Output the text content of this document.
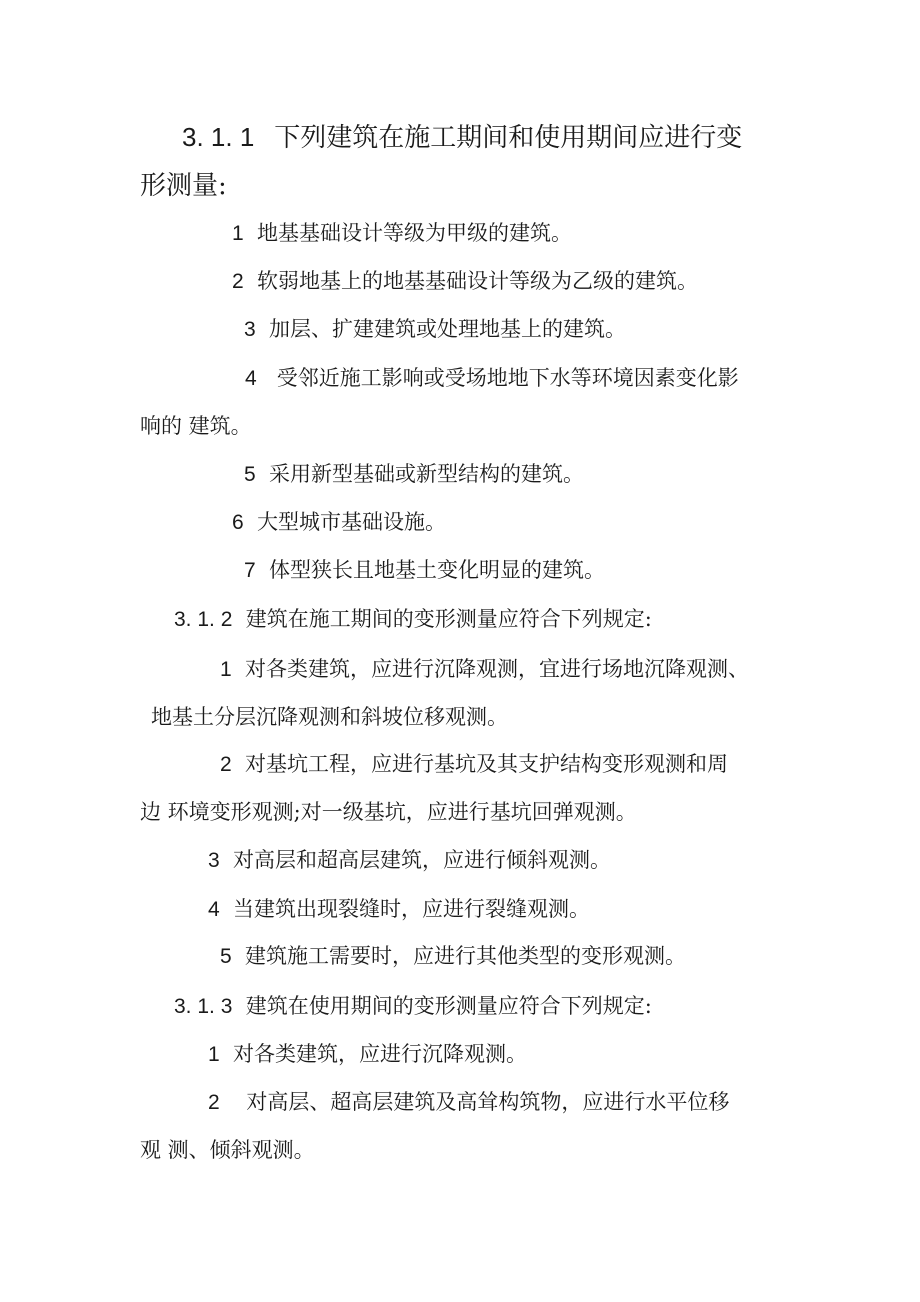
3. 1. 1 下列建筑在施工期间和使用期间应进行变
形测量:
1 地基基础设计等级为甲级的建筑。
2 软弱地基上的地基基础设计等级为乙级的建筑。
3 加层、扩建建筑或处理地基上的建筑。
4 受邻近施工影响或受场地地下水等环境因素变化影
响的 建筑。
5 采用新型基础或新型结构的建筑。
6 大型城市基础设施。
7 体型狭长且地基土变化明显的建筑。
3. 1. 2 建筑在施工期间的变形测量应符合下列规定:
1 对各类建筑，应进行沉降观测，宜进行场地沉降观测、
地基土分层沉降观测和斜坡位移观测。
2 对基坑工程，应进行基坑及其支护结构变形观测和周
边 环境变形观测;对一级基坑，应进行基坑回弹观测。
3 对高层和超高层建筑，应进行倾斜观测。
4 当建筑出现裂缝时，应进行裂缝观测。
5 建筑施工需要时，应进行其他类型的变形观测。
3. 1. 3 建筑在使用期间的变形测量应符合下列规定:
1 对各类建筑，应进行沉降观测。
2 对高层、超高层建筑及高耸构筑物，应进行水平位移
观 测、倾斜观测。
